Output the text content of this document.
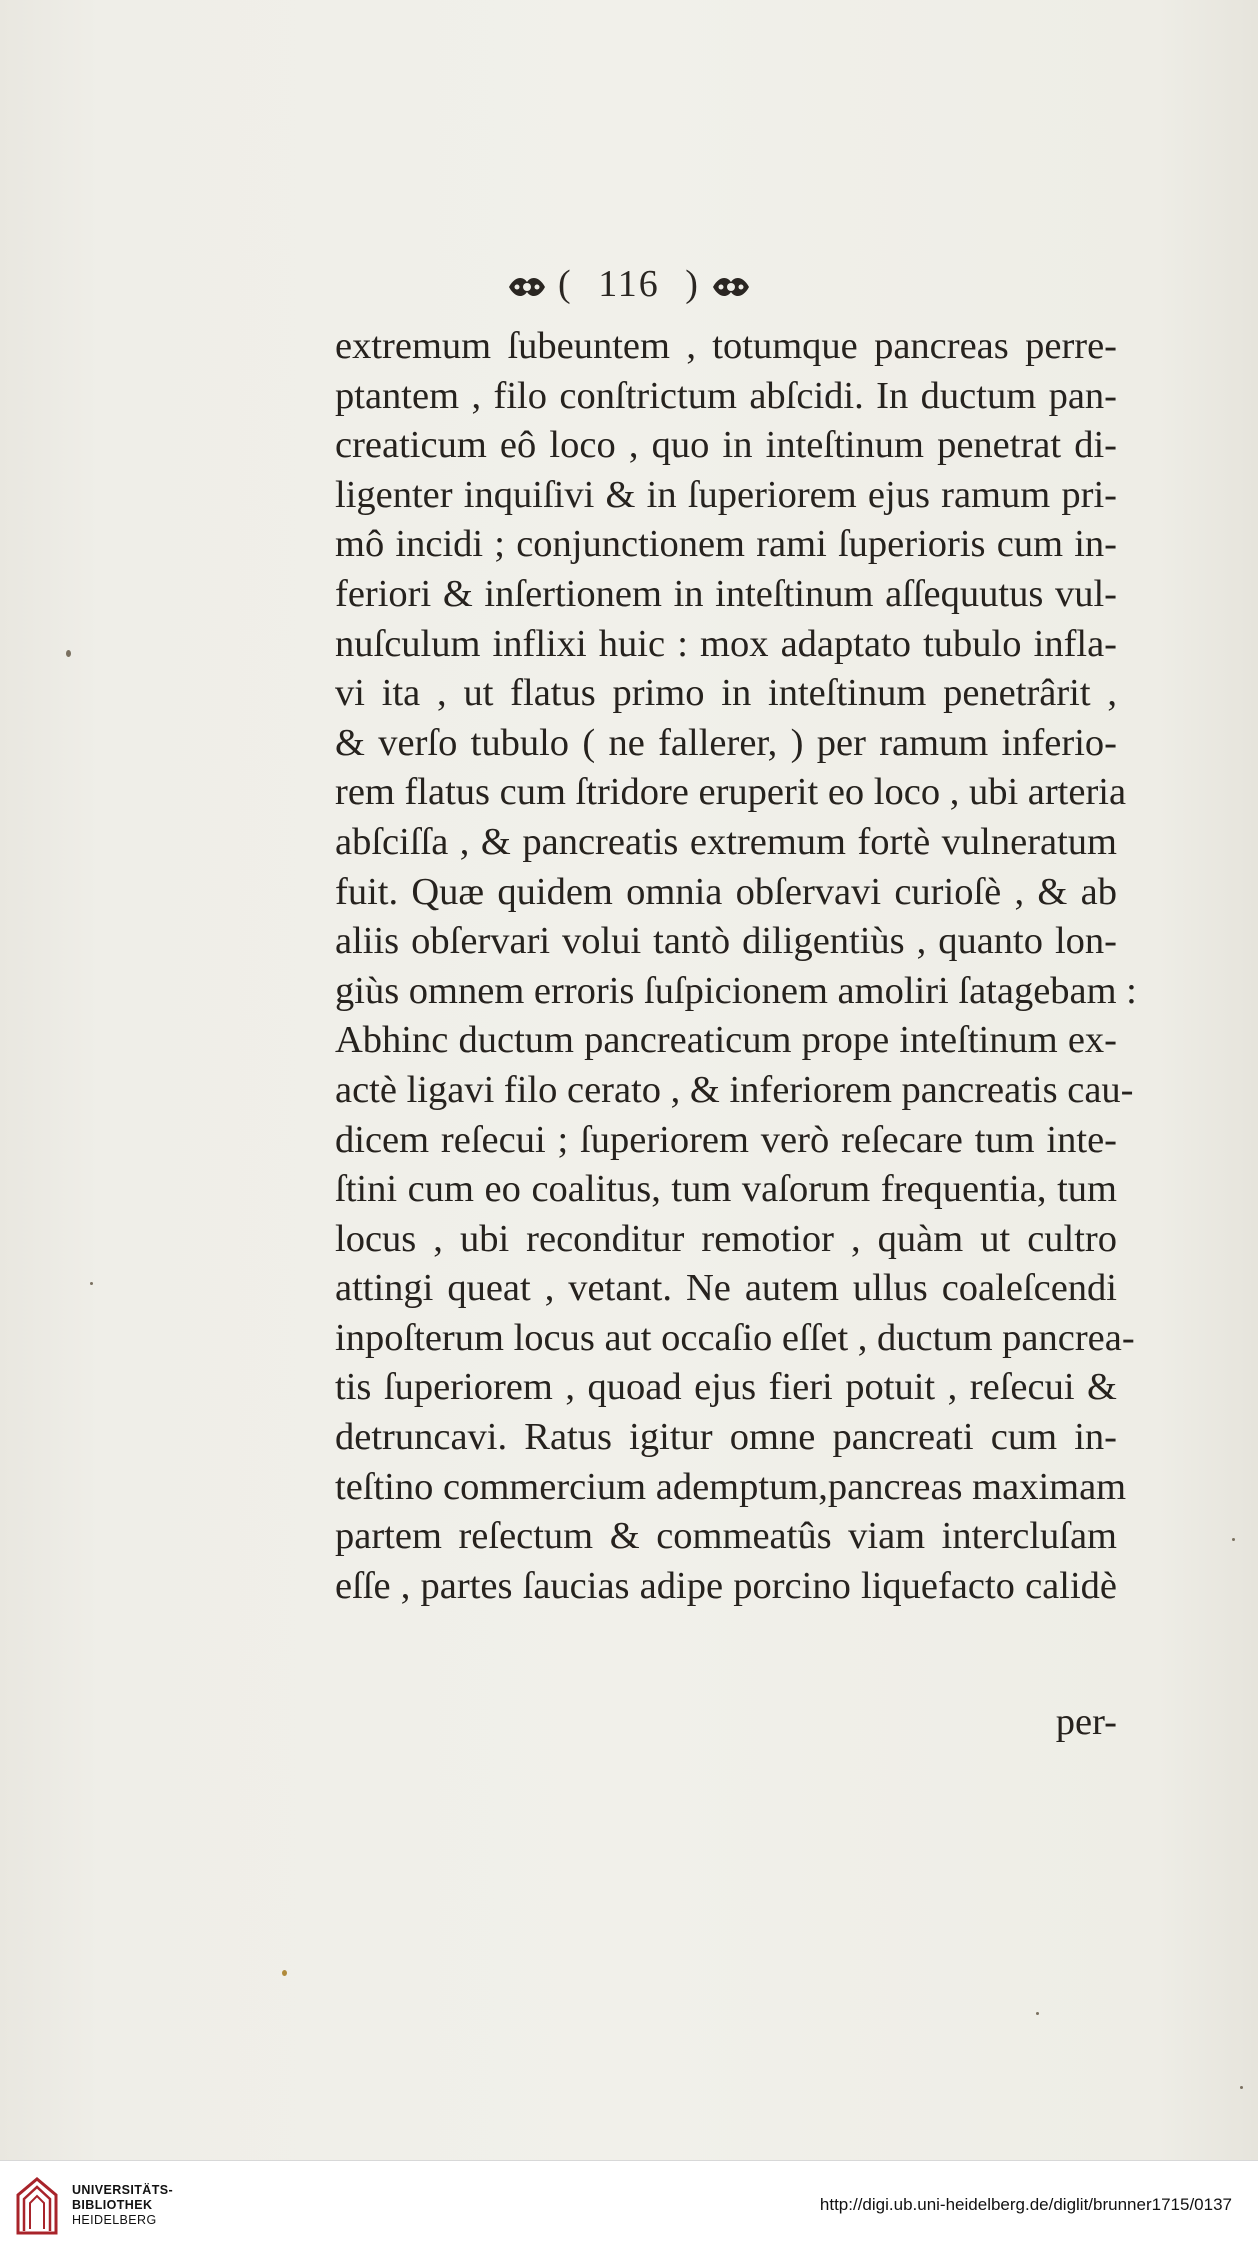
( 116 )
extremum ſubeuntem , totumque pancreas perre-
ptantem , filo conſtrictum abſcidi. In ductum pan-
creaticum eô loco , quo in inteſtinum penetrat di-
ligenter inquiſivi & in ſuperiorem ejus ramum pri-
mô incidi ; conjunctionem rami ſuperioris cum in-
feriori & inſertionem in inteſtinum aſſequutus vul-
nuſculum inflixi huic : mox adaptato tubulo infla-
vi ita , ut flatus primo in inteſtinum penetrârit ,
& verſo tubulo ( ne fallerer, ) per ramum inferio-
rem flatus cum ſtridore eruperit eo loco , ubi arteria
abſciſſa , & pancreatis extremum fortè vulneratum
fuit. Quæ quidem omnia obſervavi curioſè , & ab
aliis obſervari volui tantò diligentiùs , quanto lon-
giùs omnem erroris ſuſpicionem amoliri ſatagebam :
Abhinc ductum pancreaticum prope inteſtinum ex-
actè ligavi filo cerato , & inferiorem pancreatis cau-
dicem reſecui ; ſuperiorem verò reſecare tum inte-
ſtini cum eo coalitus, tum vaſorum frequentia, tum
locus , ubi reconditur remotior , quàm ut cultro
attingi queat , vetant. Ne autem ullus coaleſcendi
inpoſterum locus aut occaſio eſſet , ductum pancrea-
tis ſuperiorem , quoad ejus fieri potuit , reſecui &
detruncavi. Ratus igitur omne pancreati cum in-
teſtino commercium ademptum,pancreas maximam
partem reſectum & commeatûs viam intercluſam
eſſe , partes ſaucias adipe porcino liquefacto calidè
per-
UNIVERSITÄTS-
BIBLIOTHEK
HEIDELBERG
http://digi.ub.uni-heidelberg.de/diglit/brunner1715/0137
